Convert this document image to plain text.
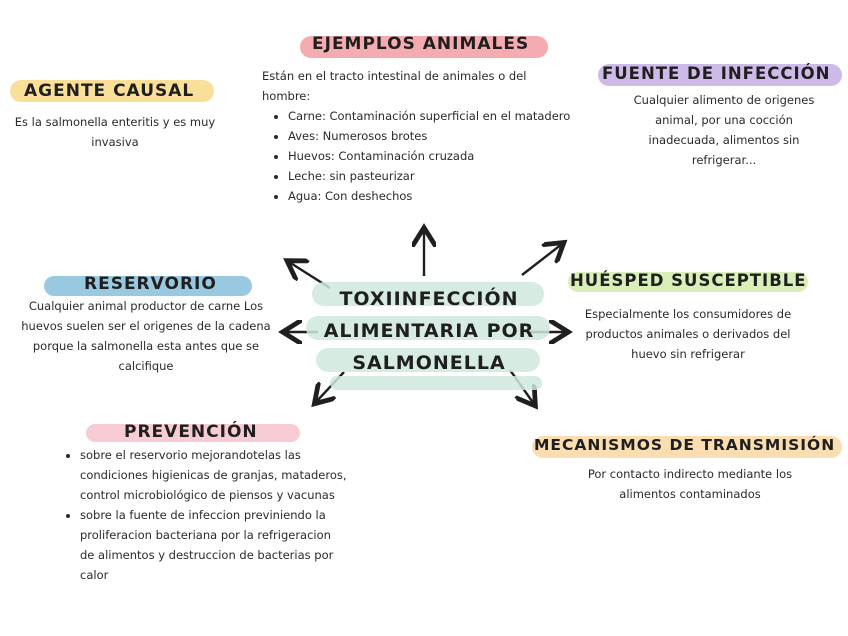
TOXIINFECCIÓN
ALIMENTARIA POR
SALMONELLA
EJEMPLOS ANIMALES
Están en el tracto intestinal de animales o del hombre:
• Carne: Contaminación superficial en el matadero
• Aves: Numerosos brotes
• Huevos: Contaminación cruzada
• Leche: sin pasteurizar
• Agua: Con deshechos
AGENTE CAUSAL
Es la salmonella enteritis y es muy invasiva
FUENTE DE INFECCIÓN
Cualquier alimento de origenes animal, por una cocción inadecuada, alimentos sin refrigerar...
RESERVORIO
Cualquier animal productor de carne Los huevos suelen ser el origenes de la cadena porque la salmonella esta antes que se calcifique
HUÉSPED SUSCEPTIBLE
Especialmente los consumidores de productos animales o derivados del huevo sin refrigerar
PREVENCIÓN
• sobre el reservorio mejorandotelas las condiciones higienicas de granjas, mataderos, control microbiológico de piensos y vacunas
• sobre la fuente de infeccion previniendo la proliferacion bacteriana por la refrigeracion de alimentos y destruccion de bacterias por calor
MECANISMOS DE TRANSMISIÓN
Por contacto indirecto mediante los alimentos contaminados
